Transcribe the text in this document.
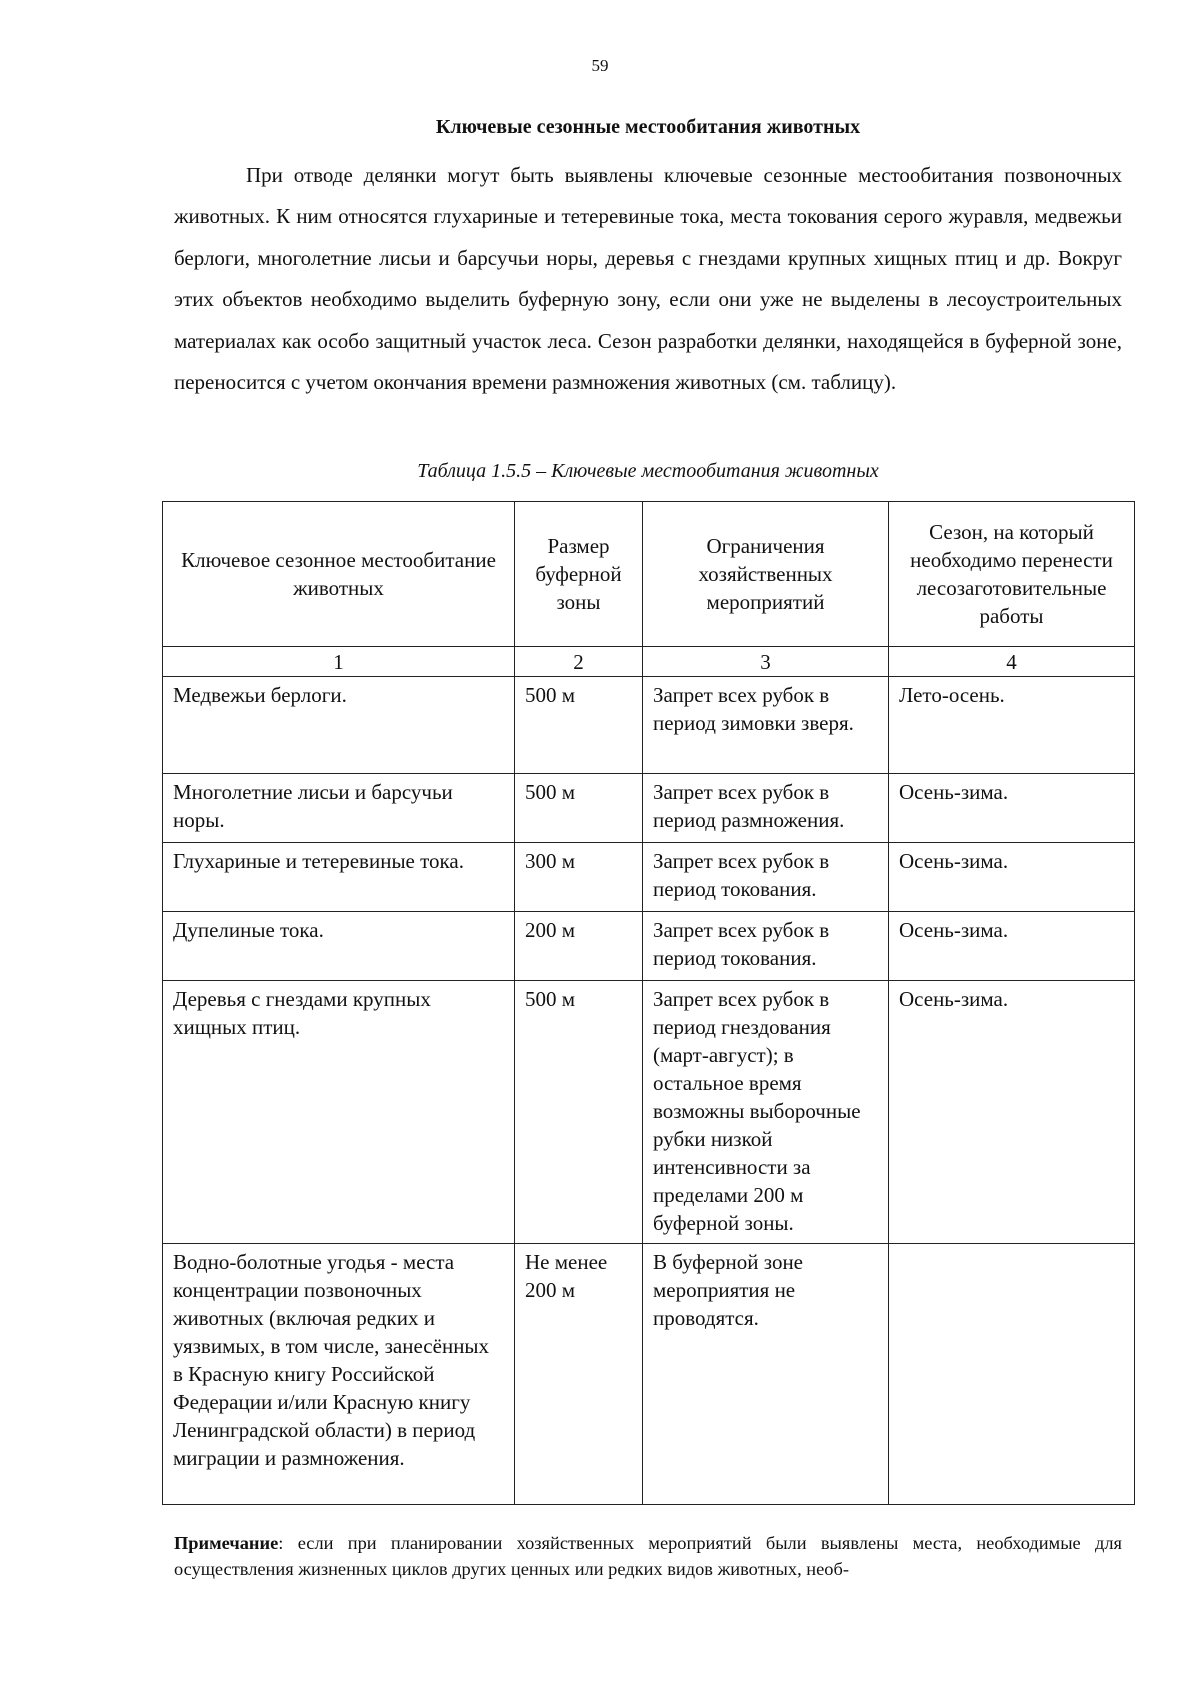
59
Ключевые сезонные местообитания животных

При отводе делянки могут быть выявлены ключевые сезонные местообитания позвоночных животных. К ним относятся глухариные и тетеревиные тока, места токования серого журавля, медвежьи берлоги, многолетние лисьи и барсучьи норы, деревья с гнездами крупных хищных птиц и др. Вокруг этих объектов необходимо выделить буферную зону, если они уже не выделены в лесоустроительных материалах как особо защитный участок леса. Сезон разработки делянки, находящейся в буферной зоне, переносится с учетом окончания времени размножения животных (см. таблицу).

Таблица 1.5.5 – Ключевые местообитания животных
Ключевое сезонное местообитание животных	Размер буферной зоны	Ограничения хозяйственных мероприятий	Сезон, на который необходимо перенести лесозаготовительные работы
1	2	3	4
Медвежьи берлоги.	500 м	Запрет всех рубок в период зимовки зверя.	Лето-осень.
Многолетние лисьи и барсучьи норы.	500 м	Запрет всех рубок в период размножения.	Осень-зима.
Глухариные и тетеревиные тока.	300 м	Запрет всех рубок в период токования.	Осень-зима.
Дупелиные тока.	200 м	Запрет всех рубок в период токования.	Осень-зима.
Деревья с гнездами крупных хищных птиц.	500 м	Запрет всех рубок в период гнездования (март-август); в остальное время возможны выборочные рубки низкой интенсивности за пределами 200 м буферной зоны.	Осень-зима.
Водно-болотные угодья - места концентрации позвоночных животных (включая редких и уязвимых, в том числе, занесённых в Красную книгу Российской Федерации и/или Красную книгу Ленинградской области) в период миграции и размножения.	Не менее 200 м	В буферной зоне мероприятия не проводятся.	

Примечание: если при планировании хозяйственных мероприятий были выявлены места, необходимые для осуществления жизненных циклов других ценных или редких видов животных, необ-
